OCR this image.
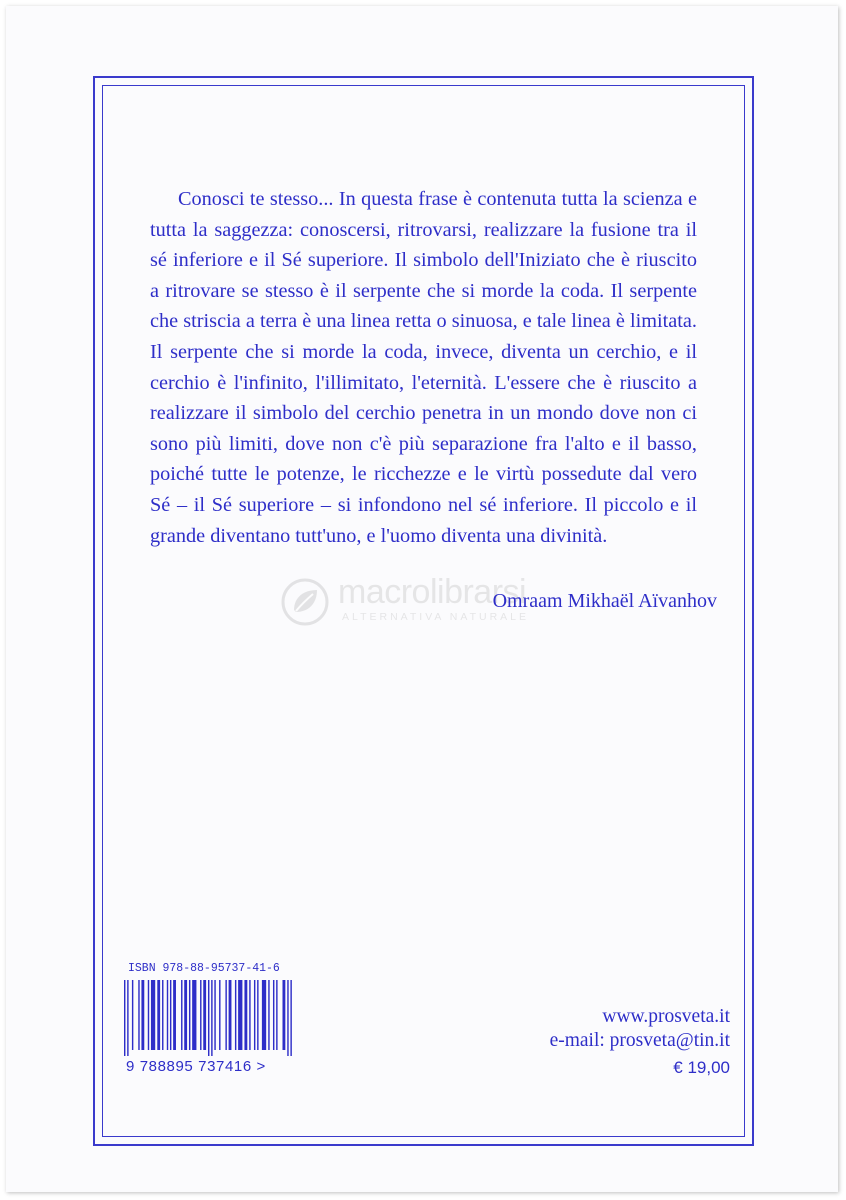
Conosci te stesso... In questa frase è contenuta tutta la scienza e tutta la saggezza: conoscersi, ritrovarsi, realizzare la fusione tra il sé inferiore e il Sé superiore. Il simbolo dell'Iniziato che è riuscito a ritrovare se stesso è il serpente che si morde la coda. Il serpente che striscia a terra è una linea retta o sinuosa, e tale linea è limitata. Il serpente che si morde la coda, invece, diventa un cerchio, e il cerchio è l'infinito, l'illimitato, l'eternità. L'essere che è riuscito a realizzare il simbolo del cerchio penetra in un mondo dove non ci sono più limiti, dove non c'è più separazione fra l'alto e il basso, poiché tutte le potenze, le ricchezze e le virtù possedute dal vero Sé – il Sé superiore – si infondono nel sé inferiore. Il piccolo e il grande diventano tutt'uno, e l'uomo diventa una divinità.

macrolibrarsi
ALTERNATIVA NATURALE
Omraam Mikhaël Aïvanhov
ISBN 978-88-95737-41-6
9 788895 737416 >
www.prosveta.it
e-mail: prosveta@tin.it
€ 19,00
